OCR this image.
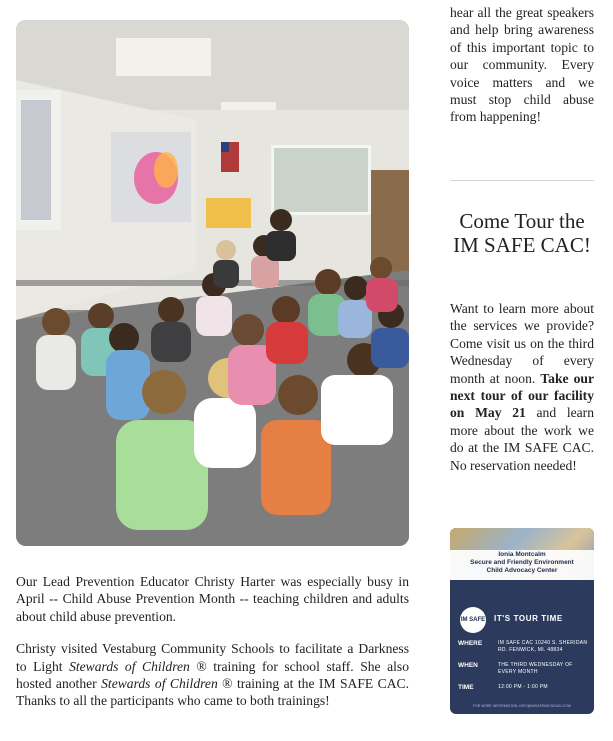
Our Lead Prevention Educator Christy Harter was especially busy in April -- Child Abuse Prevention Month -- teaching children and adults about child abuse prevention.

Christy visited Vestaburg Community Schools to facilitate a Darkness to Light Stewards of Children ® training for school staff. She also hosted another Stewards of Children ® training at the IM SAFE CAC. Thanks to all the participants who came to both trainings!

hear all the great speakers and help bring awareness of this important topic to our community. Every voice matters and we must stop child abuse from happening!
Come Tour the IM SAFE CAC!
Want to learn more about the services we provide? Come visit us on the third Wednesday of every month at noon. Take our next tour of our facility on May 21 and learn more about the work we do at the IM SAFE CAC. No reservation needed!
Ionia Montcalm
Secure and Friendly Environment
Child Advocacy Center
IM SAFE IT'S TOUR TIME
WHERE	IM SAFE CAC 10240 S. SHERIDAN RD. FENWICK, MI. 48834
WHEN	THE THIRD WEDNESDAY OF EVERY MONTH
TIME	12:00 PM - 1:00 PM
FOR MORE INFORMATION: INFO@IMSAFEMICHIGAN.COM
